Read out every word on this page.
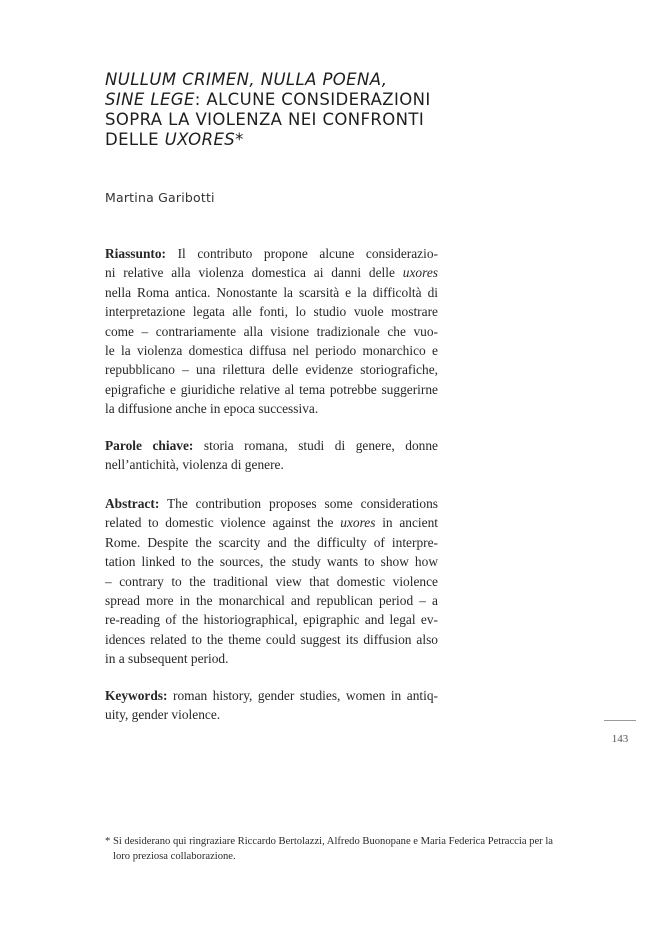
NULLUM CRIMEN, NULLA POENA,
SINE LEGE: ALCUNE CONSIDERAZIONI
SOPRA LA VIOLENZA NEI CONFRONTI
DELLE UXORES*
Martina Garibotti

Riassunto: Il contributo propone alcune considerazio-
ni relative alla violenza domestica ai danni delle uxores
nella Roma antica. Nonostante la scarsità e la difficoltà di
interpretazione legata alle fonti, lo studio vuole mostrare
come – contrariamente alla visione tradizionale che vuo-
le la violenza domestica diffusa nel periodo monarchico e
repubblicano – una rilettura delle evidenze storiografiche,
epigrafiche e giuridiche relative al tema potrebbe suggerirne
la diffusione anche in epoca successiva.

Parole chiave: storia romana, studi di genere, donne
nell’antichità, violenza di genere.

Abstract: The contribution proposes some considerations
related to domestic violence against the uxores in ancient
Rome. Despite the scarcity and the difficulty of interpre-
tation linked to the sources, the study wants to show how
– contrary to the traditional view that domestic violence
spread more in the monarchical and republican period – a
re-reading of the historiographical, epigraphic and legal ev-
idences related to the theme could suggest its diffusion also
in a subsequent period.

Keywords: roman history, gender studies, women in antiq-
uity, gender violence.

143

* Si desiderano qui ringraziare Riccardo Bertolazzi, Alfredo Buonopane e Maria Federica Petraccia per la
loro preziosa collaborazione.
